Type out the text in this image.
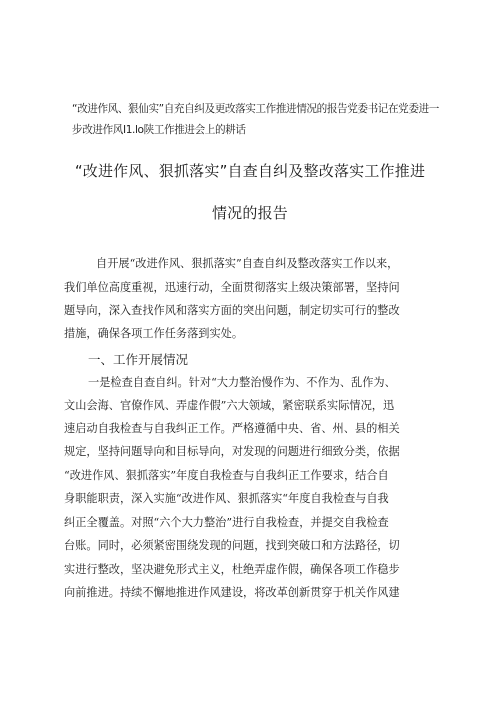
“改进作风、狠仙实”自充自纠及更改落实工作推进情况的报告党委书记在党委进一 步改进作风I1.lo陕工作推进会上的耕话
“改进作风、狠抓落实”自查自纠及整改落实工作推进
情况的报告
自开展“改进作风、狠抓落实”自查自纠及整改落实工作以来，
我们单位高度重视，迅速行动，全面贯彻落实上级决策部署，坚持问
题导向，深入查找作风和落实方面的突出问题，制定切实可行的整改
措施，确保各项工作任务落到实处。
一、工作开展情况
一是检查自查自纠。针对“大力整治慢作为、不作为、乱作为、
文山会海、官僚作风、弄虚作假”六大领域，紧密联系实际情况，迅
速启动自我检查与自我纠正工作。严格遵循中央、省、州、县的相关
规定，坚持问题导向和目标导向，对发现的问题进行细致分类，依据
“改进作风、狠抓落实”年度自我检查与自我纠正工作要求，结合自
身职能职责，深入实施“改进作风、狠抓落实“年度自我检查与自我
纠正全覆盖。对照“六个大力整治”进行自我检查，并提交自我检查
台账。同时，必须紧密围绕发现的问题，找到突破口和方法路径，切
实进行整改，坚决避免形式主义，杜绝弄虚作假，确保各项工作稳步
向前推进。持续不懈地推进作风建设，将改革创新贯穿于机关作风建
